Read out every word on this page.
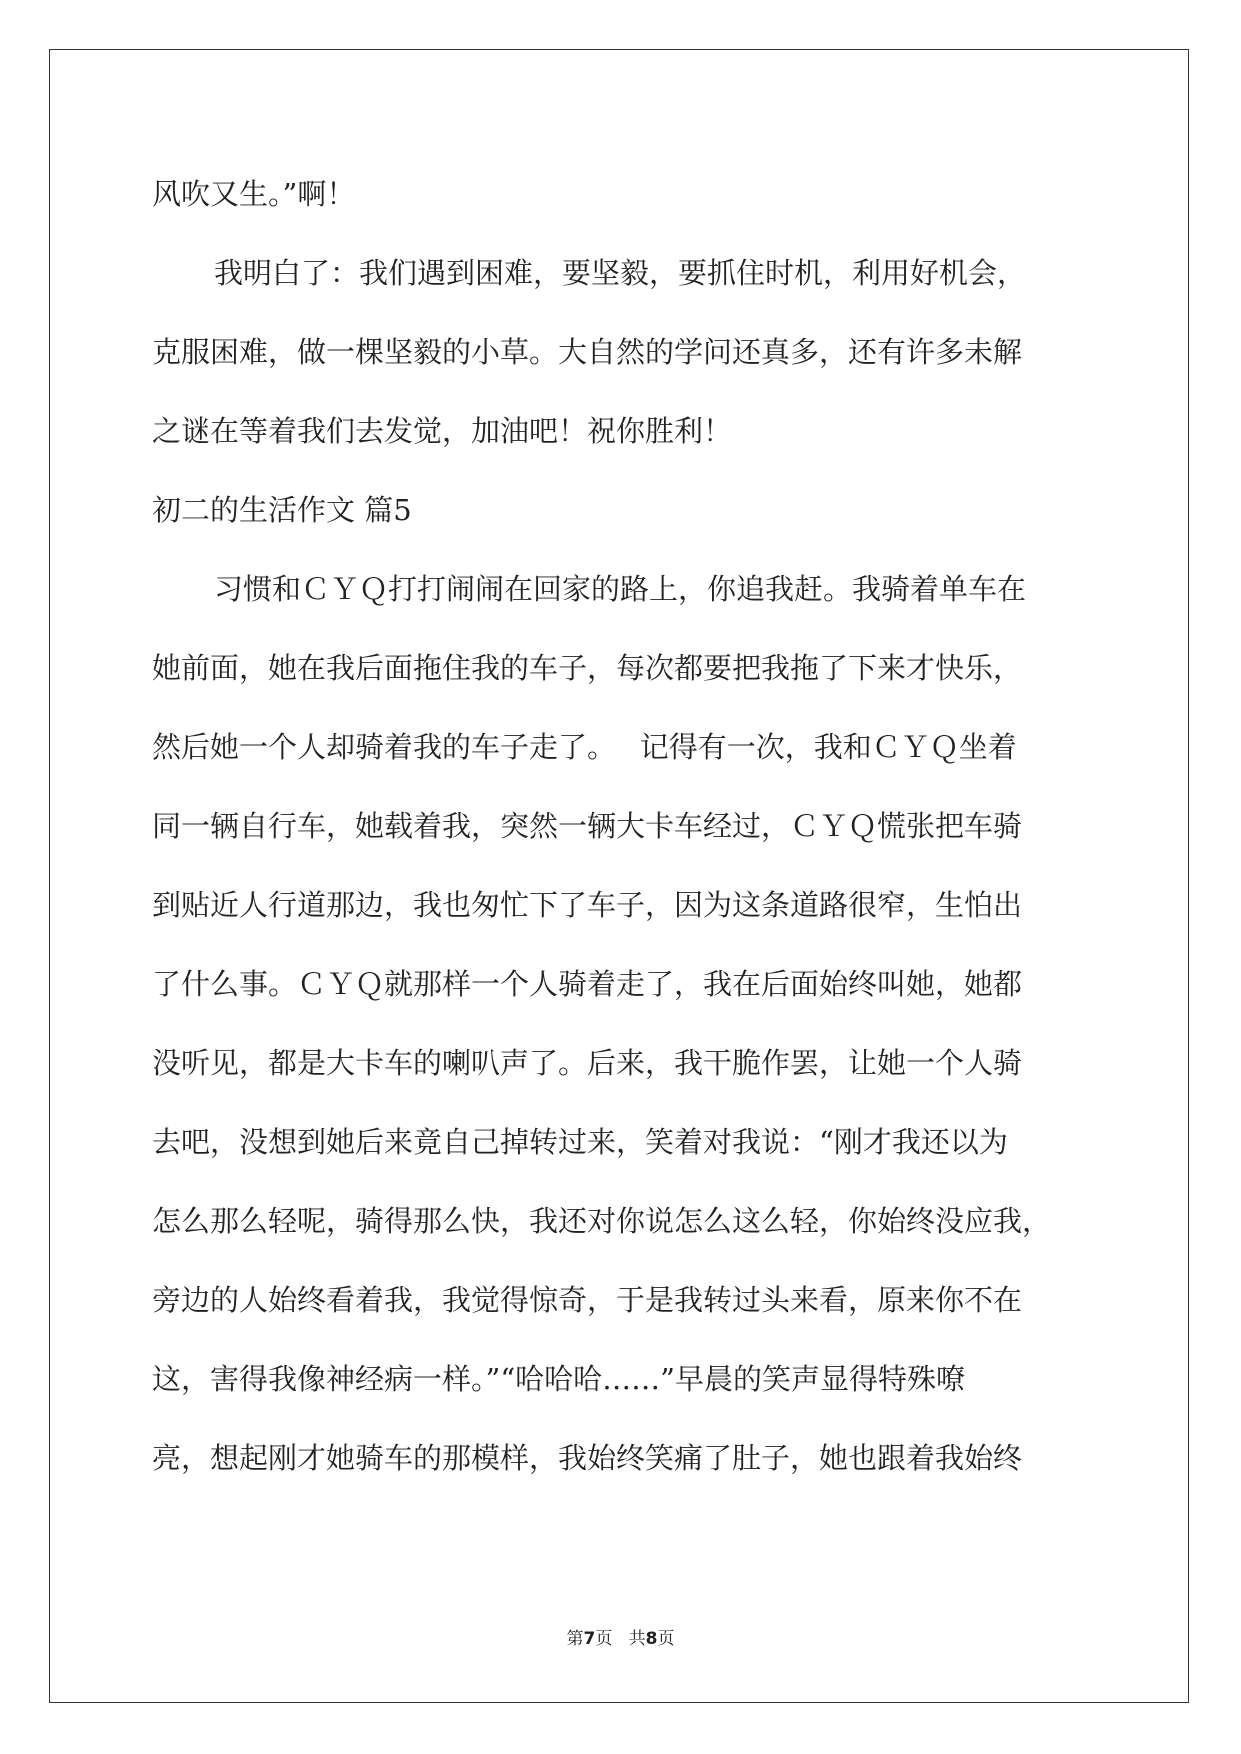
风吹又生。”啊！
我明白了：我们遇到困难，要坚毅，要抓住时机，利用好机会，
克服困难，做一棵坚毅的小草。大自然的学问还真多，还有许多未解
之谜在等着我们去发觉，加油吧！祝你胜利！
初二的生活作文 篇5
习惯和ＣＹＱ打打闹闹在回家的路上，你追我赶。我骑着单车在
她前面，她在我后面拖住我的车子，每次都要把我拖了下来才快乐，
然后她一个人却骑着我的车子走了。　 记得有一次，我和ＣＹＱ坐着
同一辆自行车，她载着我，突然一辆大卡车经过，ＣＹＱ慌张把车骑
到贴近人行道那边，我也匆忙下了车子，因为这条道路很窄，生怕出
了什么事。ＣＹＱ就那样一个人骑着走了，我在后面始终叫她，她都
没听见，都是大卡车的喇叭声了。后来，我干脆作罢，让她一个人骑
去吧，没想到她后来竟自己掉转过来，笑着对我说：“刚才我还以为
怎么那么轻呢，骑得那么快，我还对你说怎么这么轻，你始终没应我，
旁边的人始终看着我，我觉得惊奇，于是我转过头来看，原来你不在
这，害得我像神经病一样。”“哈哈哈……”早晨的笑声显得特殊嘹
亮，想起刚才她骑车的那模样，我始终笑痛了肚子，她也跟着我始终
第7页 共8页
